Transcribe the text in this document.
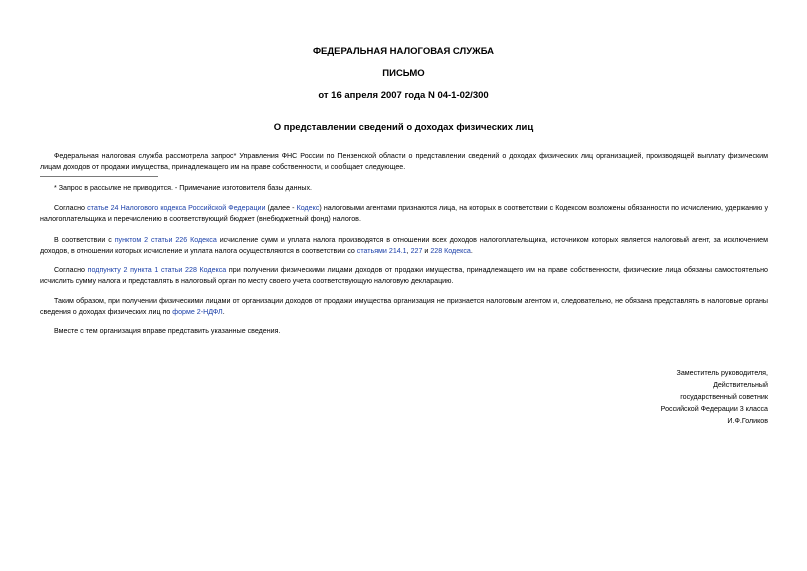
ФЕДЕРАЛЬНАЯ НАЛОГОВАЯ СЛУЖБА
ПИСЬМО
от 16 апреля 2007 года N 04-1-02/300
О представлении сведений о доходах физических лиц
Федеральная налоговая служба рассмотрела запрос* Управления ФНС России по Пензенской области о представлении сведений о доходах физических лиц организацией, производящей выплату физическим лицам доходов от продажи имущества, принадлежащего им на праве собственности, и сообщает следующее.
* Запрос в рассылке не приводится. - Примечание изготовителя базы данных.
Согласно статье 24 Налогового кодекса Российской Федерации (далее - Кодекс) налоговыми агентами признаются лица, на которых в соответствии с Кодексом возложены обязанности по исчислению, удержанию у налогоплательщика и перечислению в соответствующий бюджет (внебюджетный фонд) налогов.
В соответствии с пунктом 2 статьи 226 Кодекса исчисление сумм и уплата налога производятся в отношении всех доходов налогоплательщика, источником которых является налоговый агент, за исключением доходов, в отношении которых исчисление и уплата налога осуществляются в соответствии со статьями 214.1, 227 и 228 Кодекса.
Согласно подпункту 2 пункта 1 статьи 228 Кодекса при получении физическими лицами доходов от продажи имущества, принадлежащего им на праве собственности, физические лица обязаны самостоятельно исчислить сумму налога и представлять в налоговый орган по месту своего учета соответствующую налоговую декларацию.
Таким образом, при получении физическими лицами от организации доходов от продажи имущества организация не признается налоговым агентом и, следовательно, не обязана представлять в налоговые органы сведения о доходах физических лиц по форме 2-НДФЛ.
Вместе с тем организация вправе представить указанные сведения.
Заместитель руководителя,
Действительный
государственный советник
Российской Федерации 3 класса
И.Ф.Голиков
